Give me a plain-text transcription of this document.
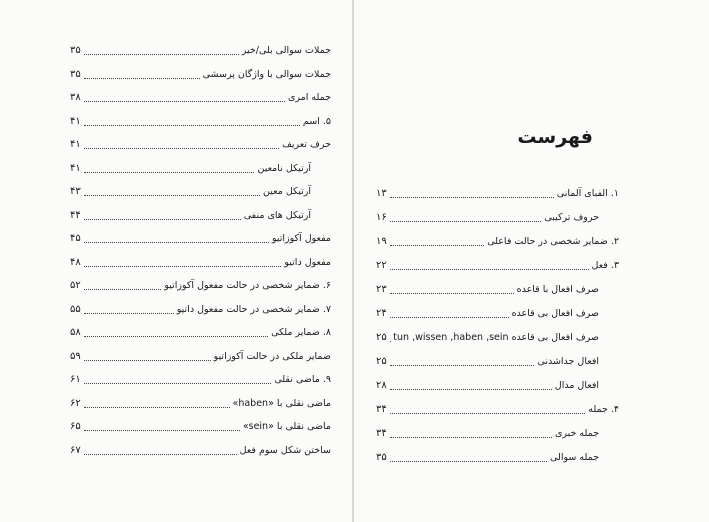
جملات سوالی بلی/خیر
۳۵
جملات سوالی با واژگان پرسشی
۳۵
جمله امری
۳۸
۵. اسم
۴۱
حرف تعریف
۴۱
آرتیکل نامعین
۴۱
آرتیکل معین
۴۳
آرتیکل های منفی
۴۴
مفعول آکوزاتیو
۴۵
مفعول داتیو
۴۸
۶. ضمایر شخصی در حالت مفعول آکوزاتیو
۵۲
۷. ضمایر شخصی در حالت مفعول داتیو
۵۵
۸. ضمایر ملکی
۵۸
ضمایر ملکی در حالت آکوزاتیو
۵۹
۹. ماضی نقلی
۶۱
ماضی نقلی با «haben»
۶۲
ماضی نقلی با «sein»
۶۵
ساختن شکل سوم فعل
۶۷
فهرست
۱. الفبای آلمانی
۱۳
حروف ترکیبی
۱۶
۲. ضمایر شخصی در حالت فاعلی
۱۹
۳. فعل
۲۲
صرف افعال با قاعده
۲۳
صرف افعال بی قاعده
۲۴
صرف افعال بی قاعده tun ,wissen ,haben ,sein
۲۵
افعال جداشدنی
۲۵
افعال مدال
۲۸
۴. جمله
۳۴
جمله خبری
۳۴
جمله سوالی
۳۵
